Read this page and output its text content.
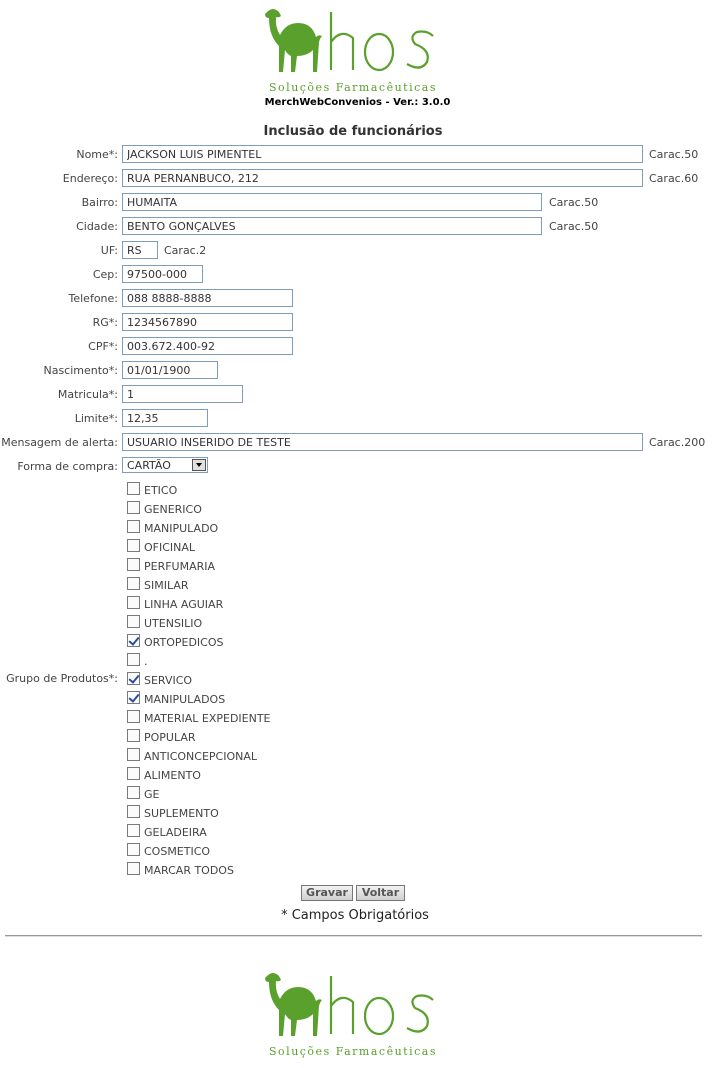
Soluções Farmacêuticas
MerchWebConvenios - Ver.: 3.0.0
Inclusão de funcionários
Nome*:
JACKSON LUIS PIMENTEL	Carac.50
Endereço:
RUA PERNANBUCO, 212	Carac.60
Bairro:
HUMAITA	Carac.50
Cidade:
BENTO GONÇALVES	Carac.50
UF:
RS	Carac.2
Cep:
97500-000
Telefone:
088 8888-8888
RG*:
1234567890
CPF*:
003.672.400-92
Nascimento*:
01/01/1900
Matricula*:
1
Limite*:
12,35
Mensagem de alerta:
USUARIO INSERIDO DE TESTE	Carac.200
Forma de compra: CARTÃO
Grupo de Produtos*:
ETICO
GENERICO
MANIPULADO
OFICINAL
PERFUMARIA
SIMILAR
LINHA AGUIAR
UTENSILIO
ORTOPEDICOS
.
SERVICO
MANIPULADOS
MATERIAL EXPEDIENTE
POPULAR
ANTICONCEPCIONAL
ALIMENTO
GE
SUPLEMENTO
GELADEIRA
COSMETICO
MARCAR TODOS
Gravar	Voltar
* Campos Obrigatórios
Soluções Farmacêuticas
